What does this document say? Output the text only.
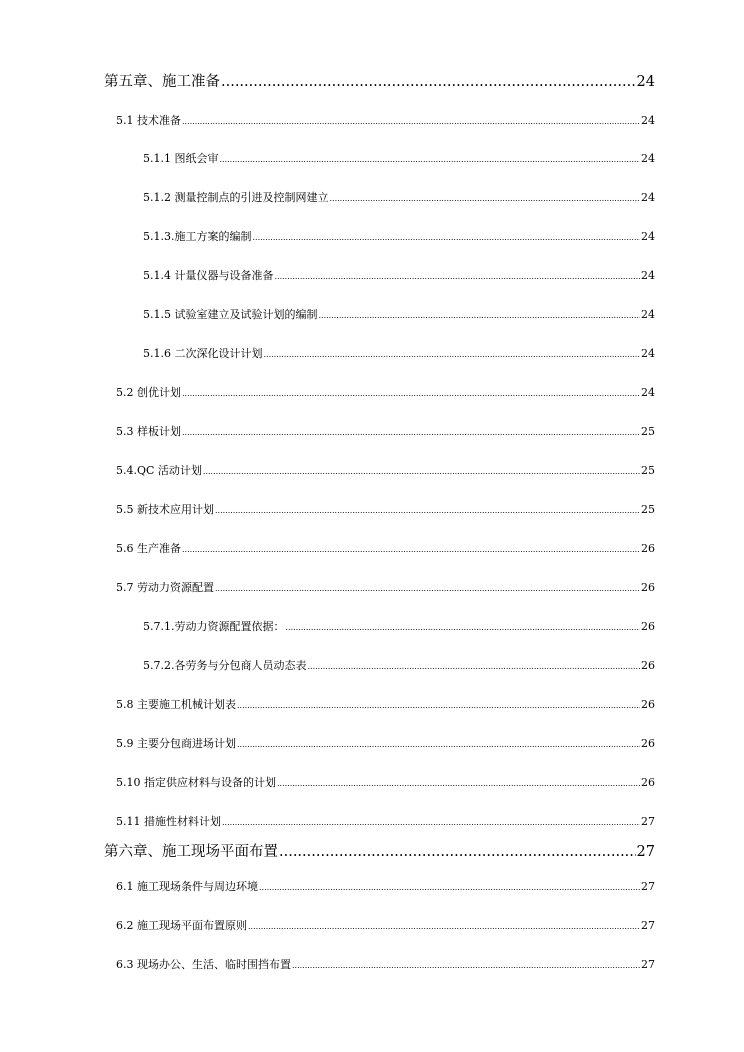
第五章、施工准备 .....	24
5.1 技术准备 .....	24
5.1.1 图纸会审 .....	24
5.1.2 测量控制点的引进及控制网建立 .....	24
5.1.3.施工方案的编制 .....	24
5.1.4 计量仪器与设备准备 .....	24
5.1.5 试验室建立及试验计划的编制 .....	24
5.1.6 二次深化设计计划 .....	24
5.2 创优计划 .....	24
5.3 样板计划 .....	25
5.4.QC 活动计划 .....	25
5.5 新技术应用计划 .....	25
5.6 生产准备 .....	26
5.7 劳动力资源配置 .....	26
5.7.1.劳动力资源配置依据： .....	26
5.7.2.各劳务与分包商人员动态表 .....	26
5.8 主要施工机械计划表 .....	26
5.9 主要分包商进场计划 .....	26
5.10 指定供应材料与设备的计划 .....	26
5.11 措施性材料计划 .....	27
第六章、施工现场平面布置 .....	27
6.1 施工现场条件与周边环境 .....	27
6.2 施工现场平面布置原则 .....	27
6.3 现场办公、生活、临时围挡布置 .....	27
